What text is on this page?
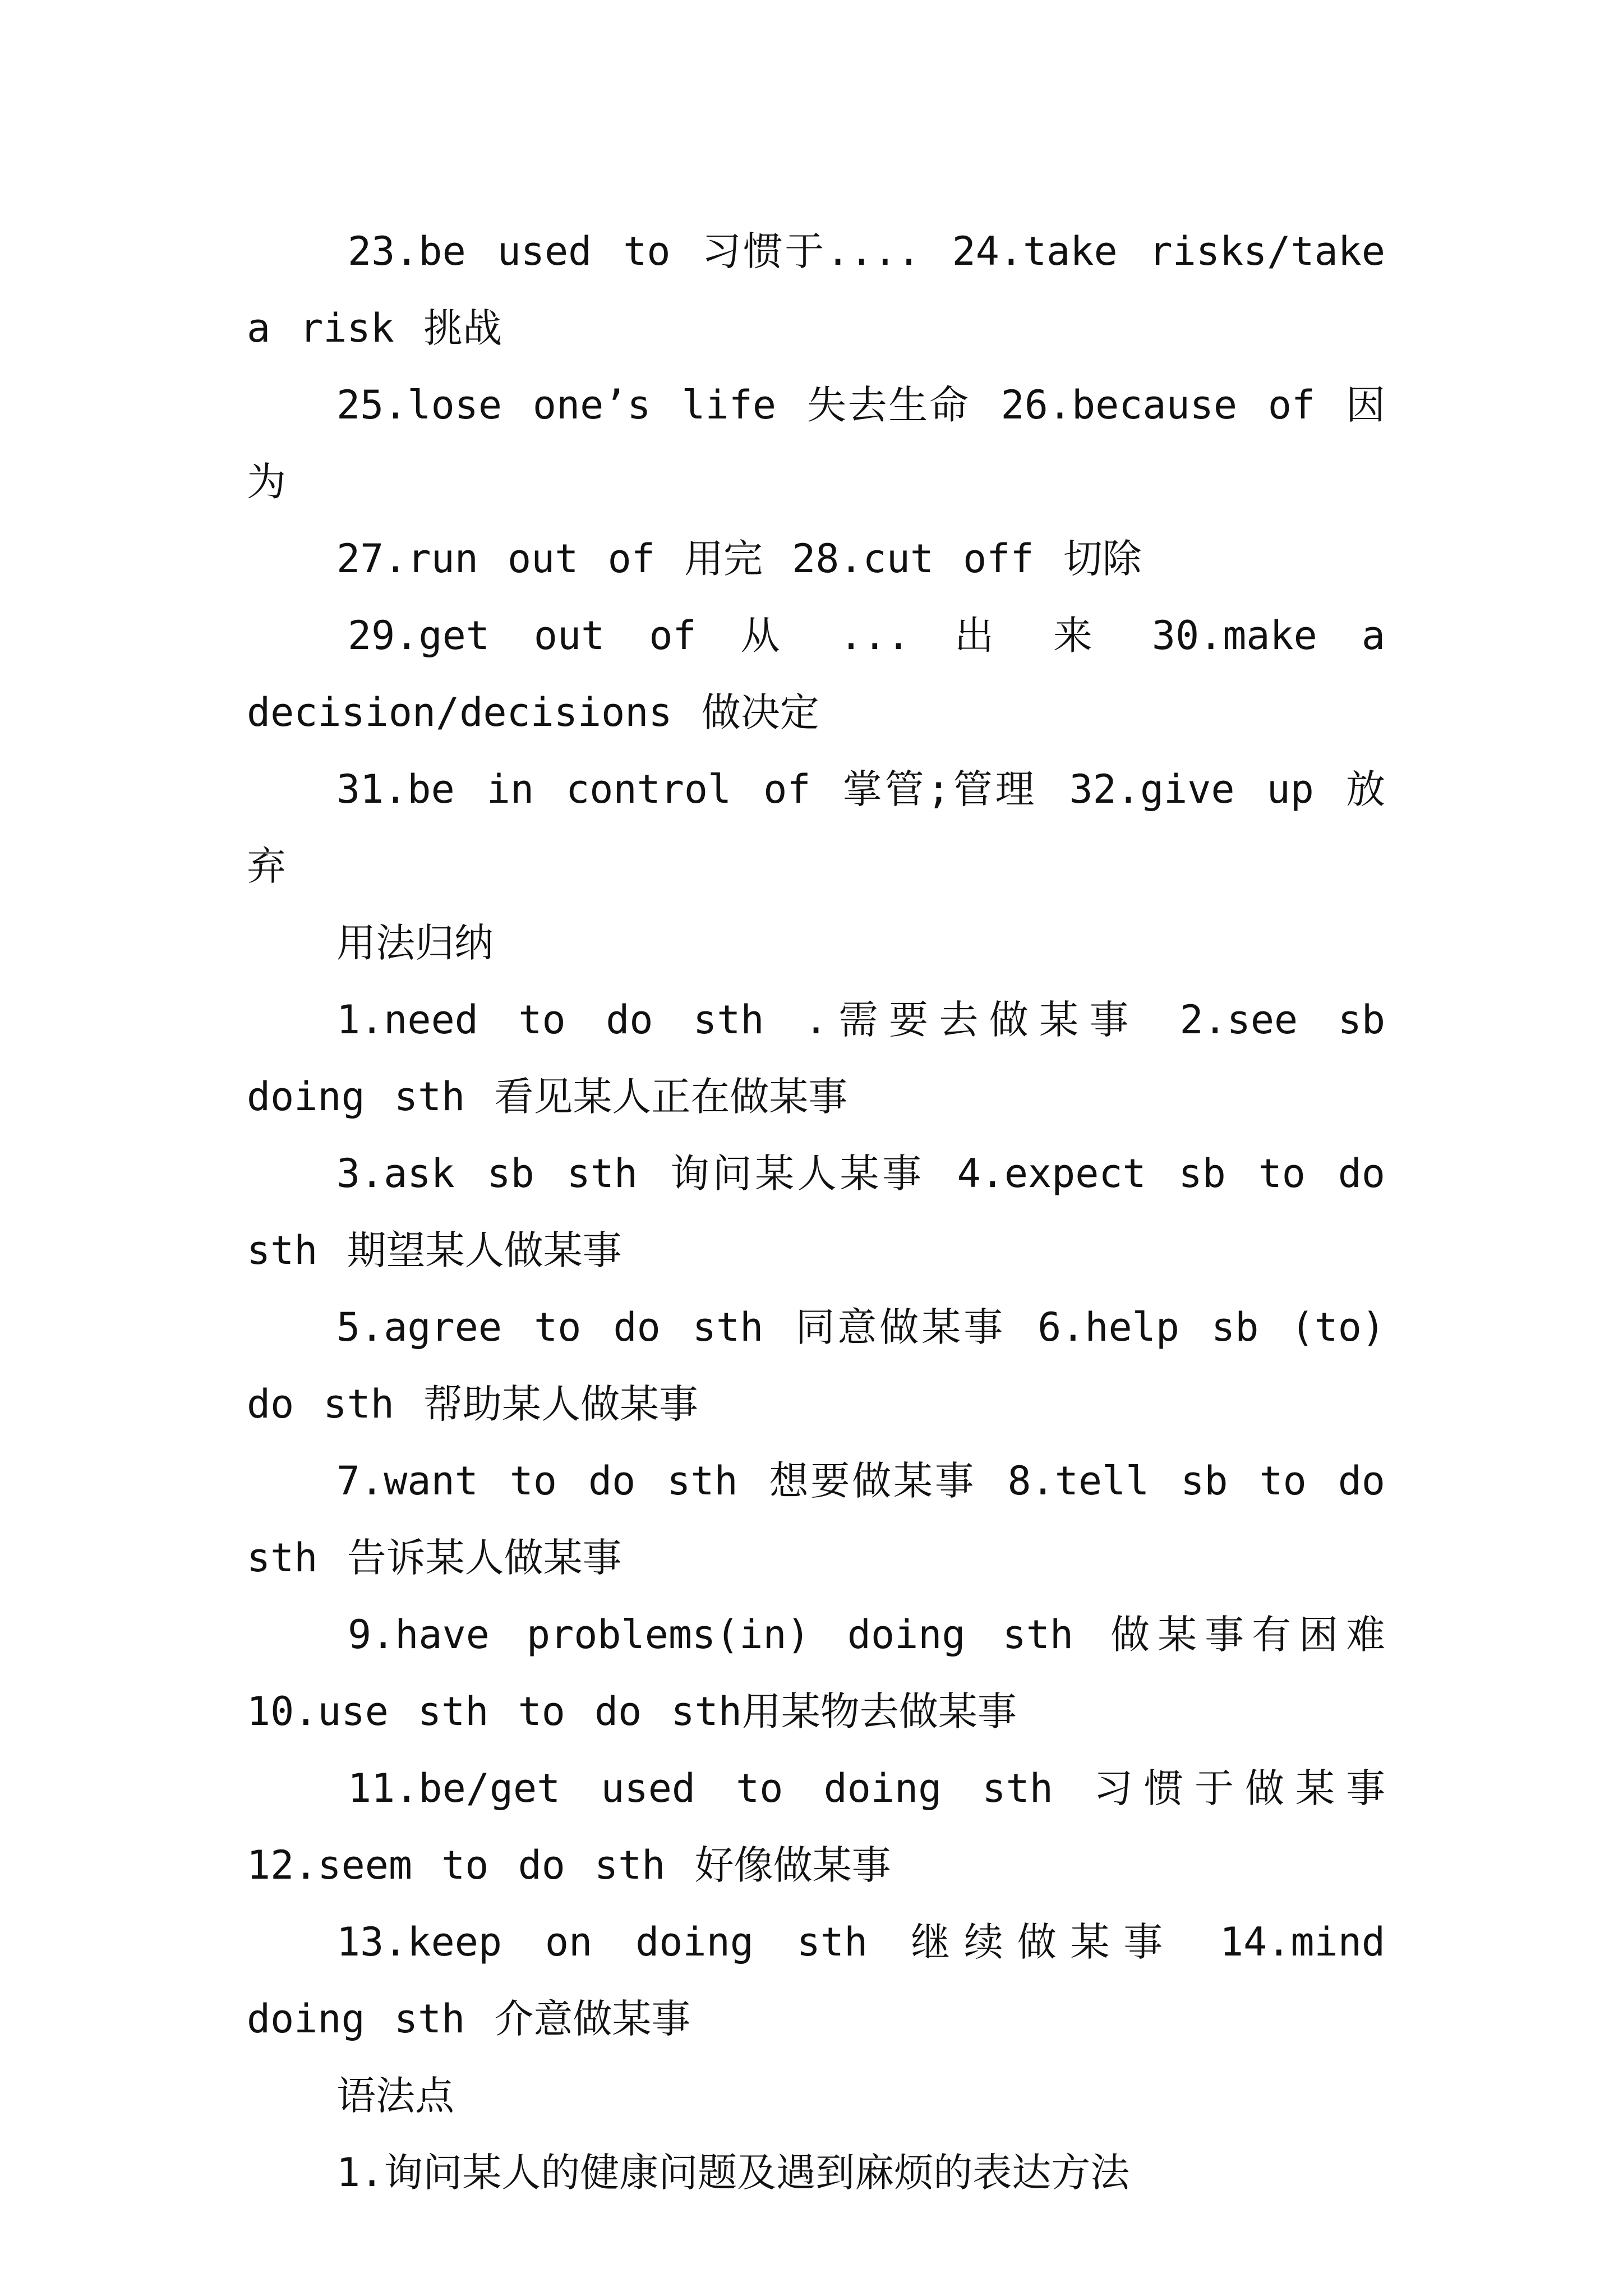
23.be used to 习惯于.... 24.take risks/take a risk 挑战

25.lose one’s life 失去生命 26.because of 因为

27.run out of 用完 28.cut off 切除

29.get out of 从 ... 出 来 30.make a decision/decisions 做决定

31.be in control of 掌管;管理 32.give up 放弃

用法归纳

1.need to do sth .需要去做某事 2.see sb doing sth 看见某人正在做某事

3.ask sb sth 询问某人某事 4.expect sb to do sth 期望某人做某事

5.agree to do sth 同意做某事 6.help sb (to) do sth 帮助某人做某事

7.want to do sth 想要做某事 8.tell sb to do sth 告诉某人做某事

9.have problems(in) doing sth 做某事有困难 10.use sth to do sth用某物去做某事

11.be/get used to doing sth 习惯于做某事 12.seem to do sth 好像做某事

13.keep on doing sth 继续做某事 14.mind doing sth 介意做某事

语法点

1.询问某人的健康问题及遇到麻烦的表达方法
